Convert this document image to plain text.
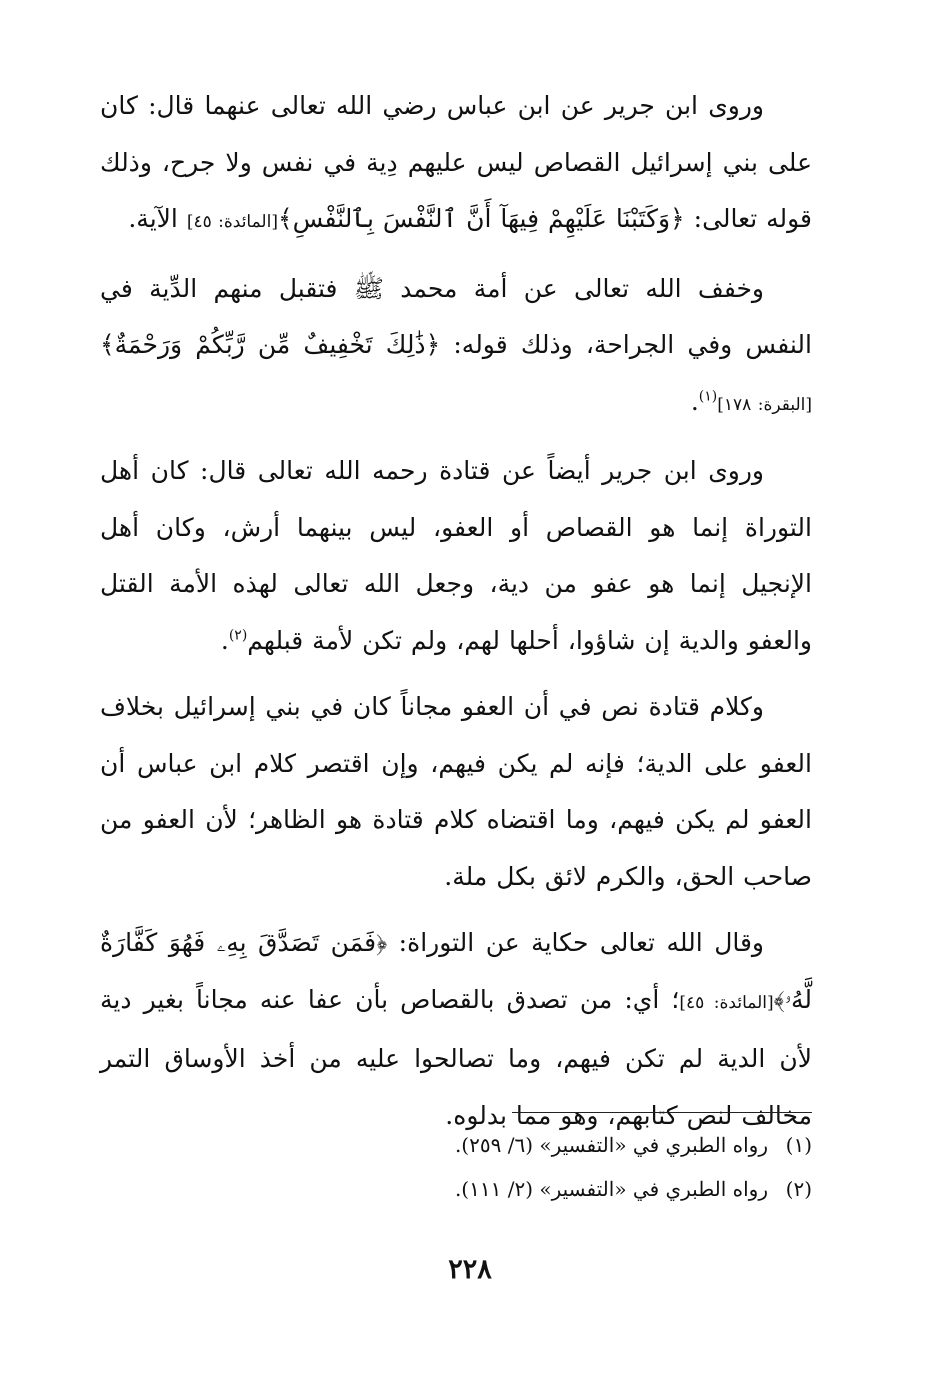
وروى ابن جرير عن ابن عباس رضي الله تعالى عنهما قال: كان على بني إسرائيل القصاص ليس عليهم دِية في نفس ولا جرح، وذلك قوله تعالى: ﴿وَكَتَبْنَا عَلَيْهِمْ فِيهَآ أَنَّ ٱلنَّفْسَ بِٱلنَّفْسِ﴾[المائدة: ٤٥] الآية.

وخفف الله تعالى عن أمة محمد ﷺ فتقبل منهم الدِّية في النفس وفي الجراحة، وذلك قوله: ﴿ذَٰلِكَ تَخْفِيفٌ مِّن رَّبِّكُمْ وَرَحْمَةٌ﴾[البقرة: ١٧٨]$^{(١)}$.

وروى ابن جرير أيضاً عن قتادة رحمه الله تعالى قال: كان أهل التوراة إنما هو القصاص أو العفو، ليس بينهما أرش، وكان أهل الإنجيل إنما هو عفو من دية، وجعل الله تعالى لهذه الأمة القتل والعفو والدية إن شاؤوا، أحلها لهم، ولم تكن لأمة قبلهم$^{(٢)}$.

وكلام قتادة نص في أن العفو مجاناً كان في بني إسرائيل بخلاف العفو على الدية؛ فإنه لم يكن فيهم، وإن اقتصر كلام ابن عباس أن العفو لم يكن فيهم، وما اقتضاه كلام قتادة هو الظاهر؛ لأن العفو من صاحب الحق، والكرم لائق بكل ملة.

وقال الله تعالى حكاية عن التوراة: ﴿فَمَن تَصَدَّقَ بِهِۦ فَهُوَ كَفَّارَةٌ لَّهُۥ﴾[المائدة: ٤٥]؛ أي: من تصدق بالقصاص بأن عفا عنه مجاناً بغير دية لأن الدية لم تكن فيهم، وما تصالحوا عليه من أخذ الأوساق التمر مخالف لنص كتابهم، وهو مما بدلوه.

(١)رواه الطبري في «التفسير» (٦/ ٢٥٩).
(٢)رواه الطبري في «التفسير» (٢/ ١١١).
٢٢٨
